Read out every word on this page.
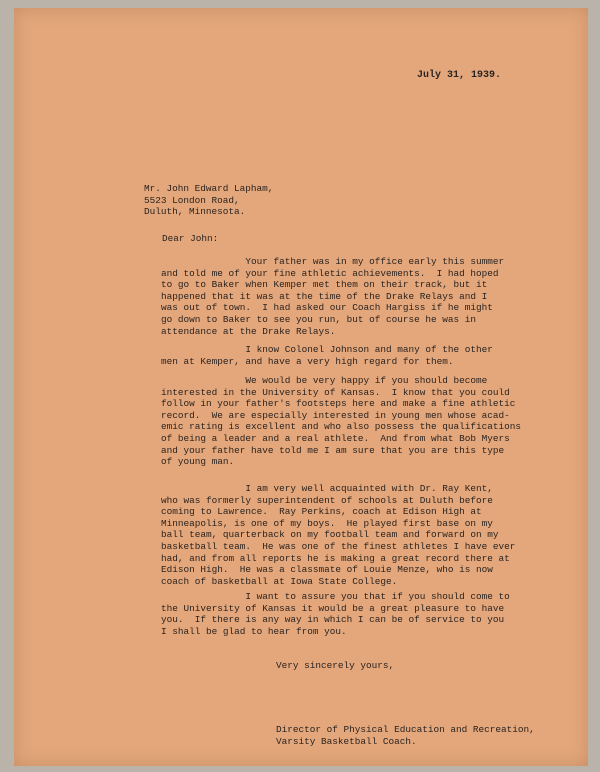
July 31, 1939.
Mr. John Edward Lapham,
5523 London Road,
Duluth, Minnesota.
Dear John:
Your father was in my office early this summer
and told me of your fine athletic achievements.  I had hoped
to go to Baker when Kemper met them on their track, but it
happened that it was at the time of the Drake Relays and I
was out of town.  I had asked our Coach Hargiss if he might
go down to Baker to see you run, but of course he was in
attendance at the Drake Relays.
I know Colonel Johnson and many of the other
men at Kemper, and have a very high regard for them.
We would be very happy if you should become
interested in the University of Kansas.  I know that you could
follow in your father's footsteps here and make a fine athletic
record.  We are especially interested in young men whose acad-
emic rating is excellent and who also possess the qualifications
of being a leader and a real athlete.  And from what Bob Myers
and your father have told me I am sure that you are this type
of young man.
I am very well acquainted with Dr. Ray Kent,
who was formerly superintendent of schools at Duluth before
coming to Lawrence.  Ray Perkins, coach at Edison High at
Minneapolis, is one of my boys.  He played first base on my
ball team, quarterback on my football team and forward on my
basketball team.  He was one of the finest athletes I have ever
had, and from all reports he is making a great record there at
Edison High.  He was a classmate of Louie Menze, who is now
coach of basketball at Iowa State College.
I want to assure you that if you should come to
the University of Kansas it would be a great pleasure to have
you.  If there is any way in which I can be of service to you
I shall be glad to hear from you.
Very sincerely yours,
Director of Physical Education and Recreation,
Varsity Basketball Coach.
